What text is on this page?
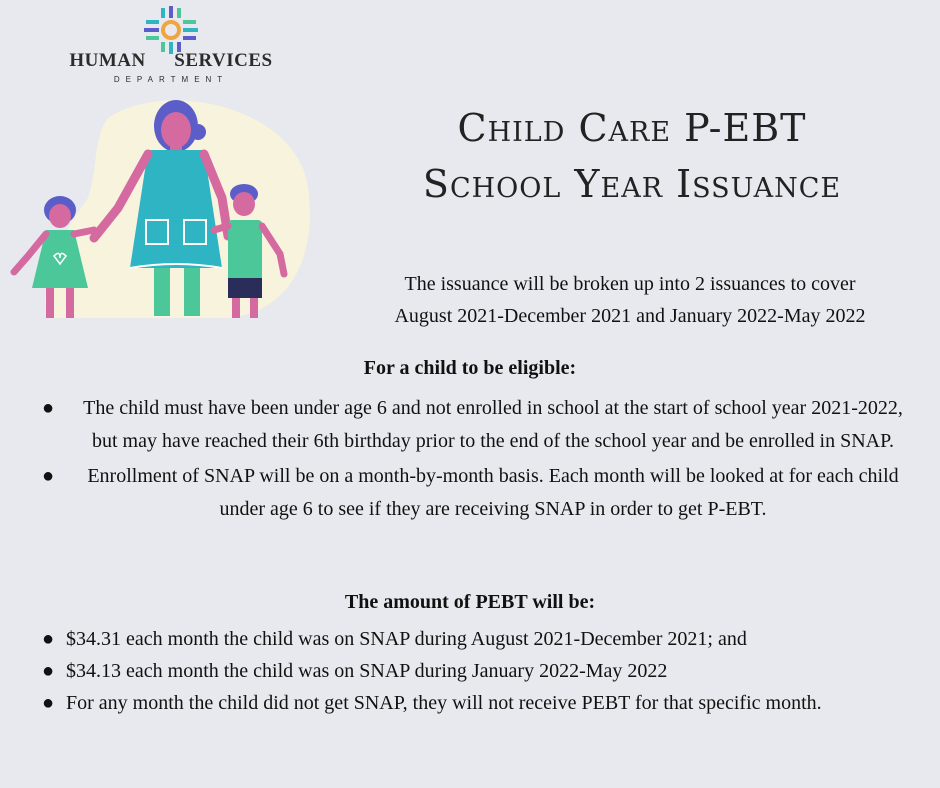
HUMAN SERVICES
DEPARTMENT
Child Care P-EBT
School Year Issuance
The issuance will be broken up into 2 issuances to cover
August 2021-December 2021 and January 2022-May 2022
For a child to be eligible:
● The child must have been under age 6 and not enrolled in school at the start of school year 2021-2022, but may have reached their 6th birthday prior to the end of the school year and be enrolled in SNAP.
● Enrollment of SNAP will be on a month-by-month basis. Each month will be looked at for each child under age 6 to see if they are receiving SNAP in order to get P-EBT.
The amount of PEBT will be:
● $34.31 each month the child was on SNAP during August 2021-December 2021; and
● $34.13 each month the child was on SNAP during January 2022-May 2022
● For any month the child did not get SNAP, they will not receive PEBT for that specific month.
